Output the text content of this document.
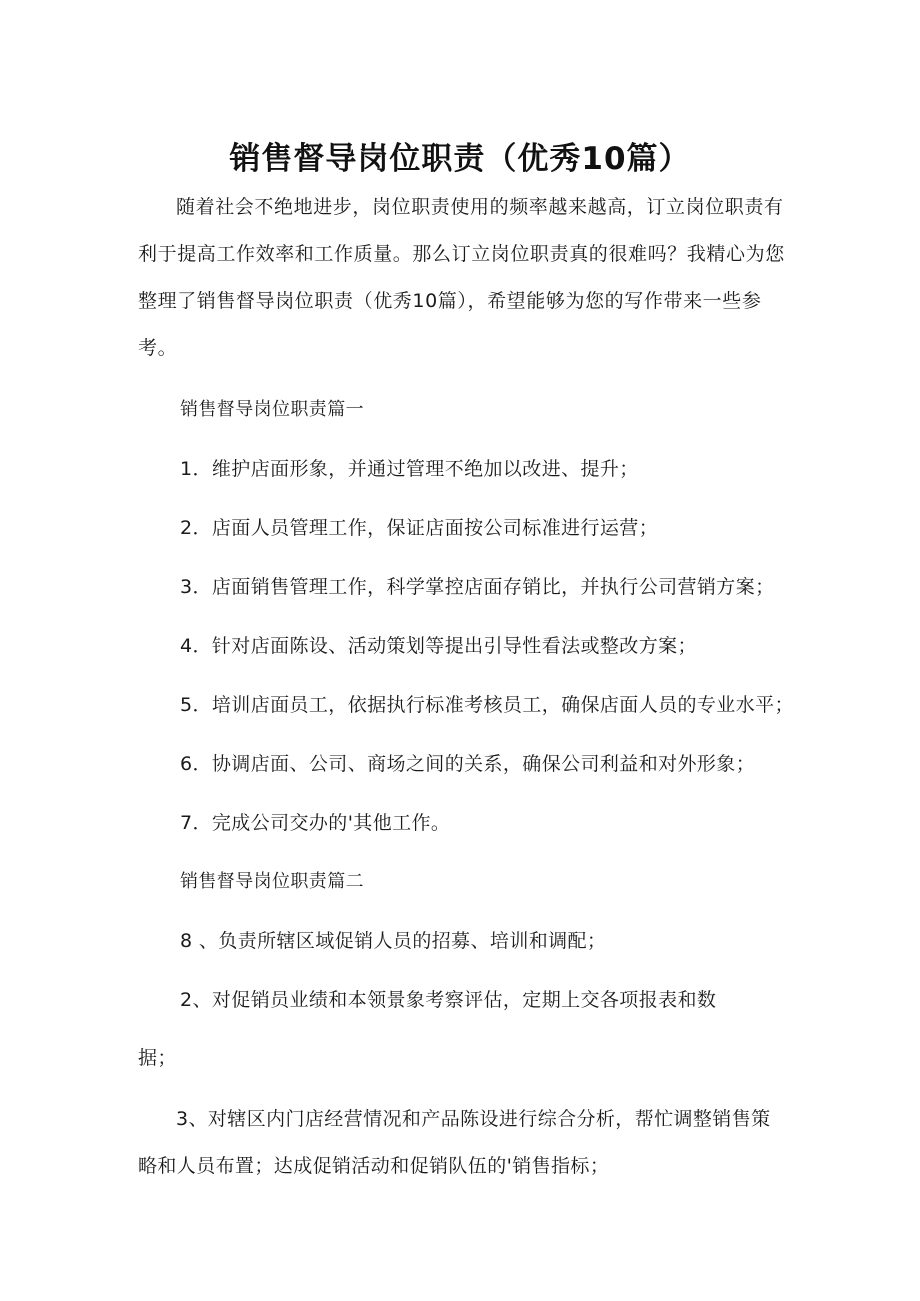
销售督导岗位职责（优秀10篇）

随着社会不绝地进步，岗位职责使用的频率越来越高，订立岗位职责有利于提高工作效率和工作质量。那么订立岗位职责真的很难吗？我精心为您整理了销售督导岗位职责（优秀10篇），希望能够为您的写作带来一些参考。

销售督导岗位职责篇一

1．维护店面形象，并通过管理不绝加以改进、提升；

2．店面人员管理工作，保证店面按公司标准进行运营；

3．店面销售管理工作，科学掌控店面存销比，并执行公司营销方案；

4．针对店面陈设、活动策划等提出引导性看法或整改方案；

5．培训店面员工，依据执行标准考核员工，确保店面人员的专业水平；

6．协调店面、公司、商场之间的关系，确保公司利益和对外形象；

7．完成公司交办的'其他工作。

销售督导岗位职责篇二

8 、负责所辖区域促销人员的招募、培训和调配；

2、对促销员业绩和本领景象考察评估，定期上交各项报表和数

据；

3、对辖区内门店经营情况和产品陈设进行综合分析，帮忙调整销售策略和人员布置；达成促销活动和促销队伍的'销售指标；
